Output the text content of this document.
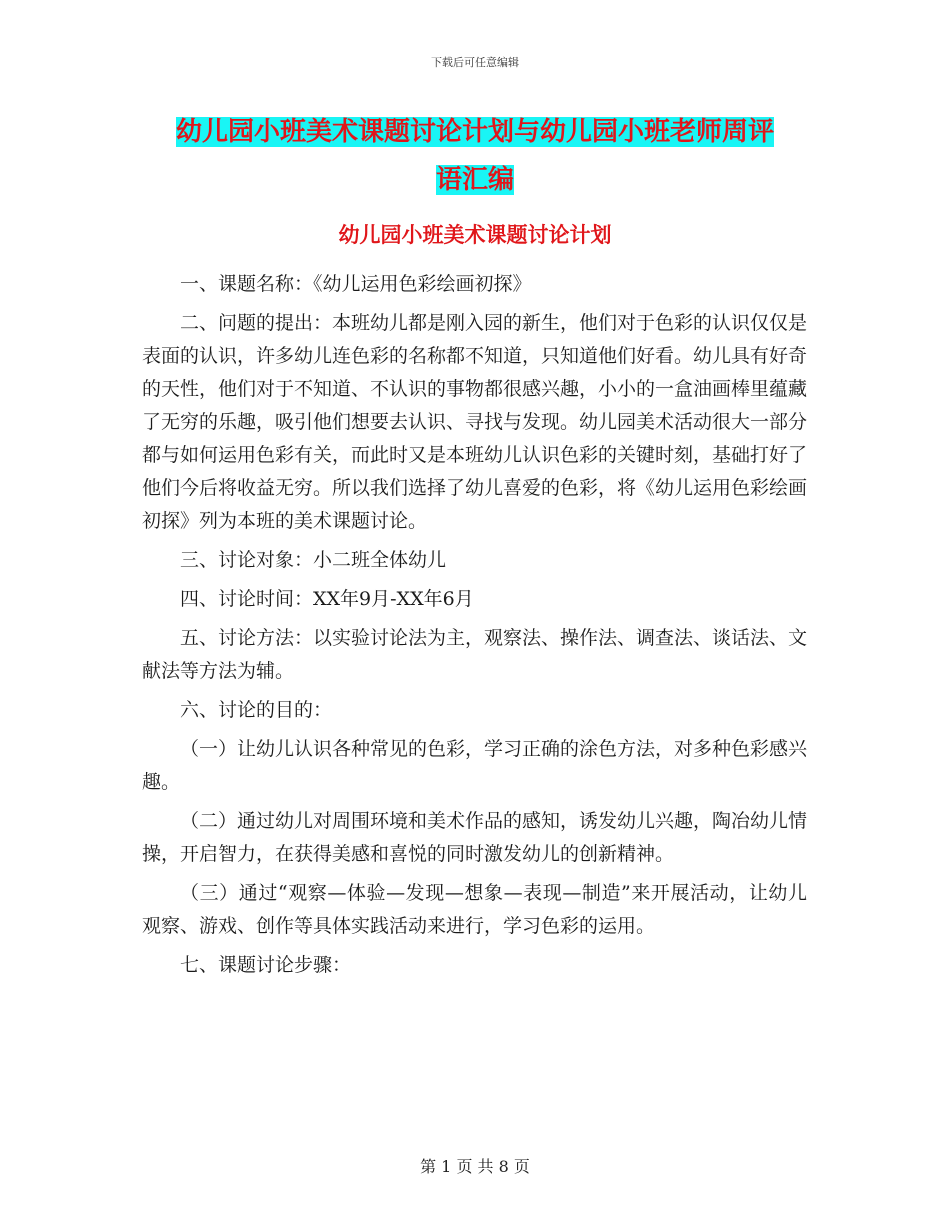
下载后可任意编辑
幼儿园小班美术课题讨论计划与幼儿园小班老师周评
语汇编
幼儿园小班美术课题讨论计划

一、课题名称：《幼儿运用色彩绘画初探》

二、问题的提出：本班幼儿都是刚入园的新生，他们对于色彩的认识仅仅是表面的认识，许多幼儿连色彩的名称都不知道，只知道他们好看。幼儿具有好奇的天性，他们对于不知道、不认识的事物都很感兴趣，小小的一盒油画棒里蕴藏了无穷的乐趣，吸引他们想要去认识、寻找与发现。幼儿园美术活动很大一部分都与如何运用色彩有关，而此时又是本班幼儿认识色彩的关键时刻，基础打好了他们今后将收益无穷。所以我们选择了幼儿喜爱的色彩，将《幼儿运用色彩绘画初探》列为本班的美术课题讨论。

三、讨论对象：小二班全体幼儿

四、讨论时间：XX年9月-XX年6月

五、讨论方法：以实验讨论法为主，观察法、操作法、调查法、谈话法、文献法等方法为辅。

六、讨论的目的：

（一）让幼儿认识各种常见的色彩，学习正确的涂色方法，对多种色彩感兴趣。

（二）通过幼儿对周围环境和美术作品的感知，诱发幼儿兴趣，陶冶幼儿情操，开启智力，在获得美感和喜悦的同时激发幼儿的创新精神。

（三）通过“观察—体验—发现—想象—表现—制造”来开展活动，让幼儿观察、游戏、创作等具体实践活动来进行，学习色彩的运用。

七、课题讨论步骤：

第 1 页 共 8 页
